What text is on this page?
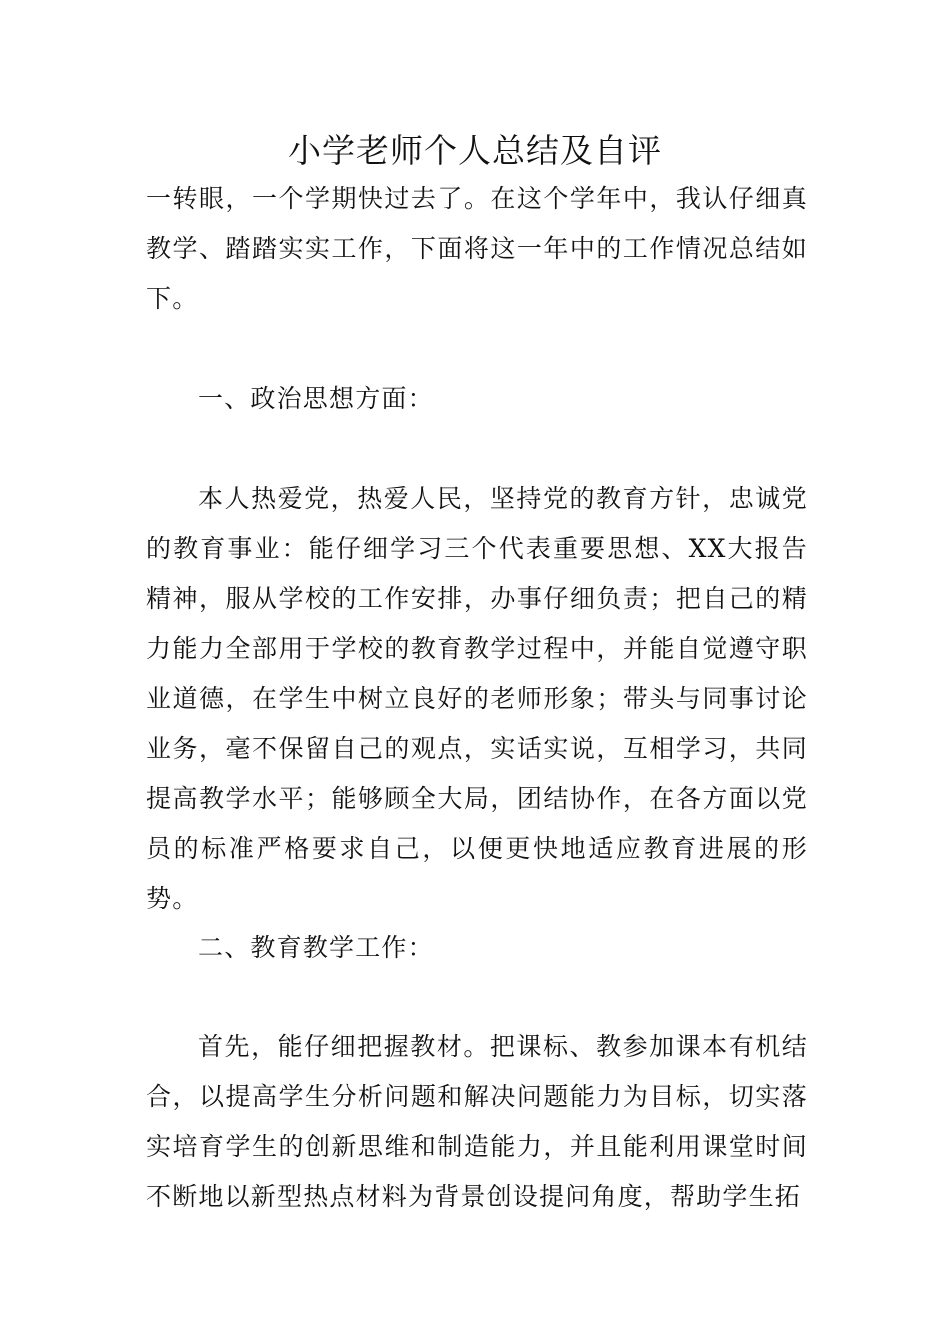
小学老师个人总结及自评

一转眼，一个学期快过去了。在这个学年中，我认仔细真教学、踏踏实实工作，下面将这一年中的工作情况总结如下。

一、政治思想方面：

本人热爱党，热爱人民，坚持党的教育方针，忠诚党的教育事业：能仔细学习三个代表重要思想、XX大报告精神，服从学校的工作安排，办事仔细负责；把自己的精力能力全部用于学校的教育教学过程中，并能自觉遵守职业道德，在学生中树立良好的老师形象；带头与同事讨论业务，毫不保留自己的观点，实话实说，互相学习，共同提高教学水平；能够顾全大局，团结协作，在各方面以党员的标准严格要求自己，以便更快地适应教育进展的形势。

二、教育教学工作：

首先，能仔细把握教材。把课标、教参加课本有机结合，以提高学生分析问题和解决问题能力为目标，切实落实培育学生的创新思维和制造能力，并且能利用课堂时间不断地以新型热点材料为背景创设提问角度，帮助学生拓
